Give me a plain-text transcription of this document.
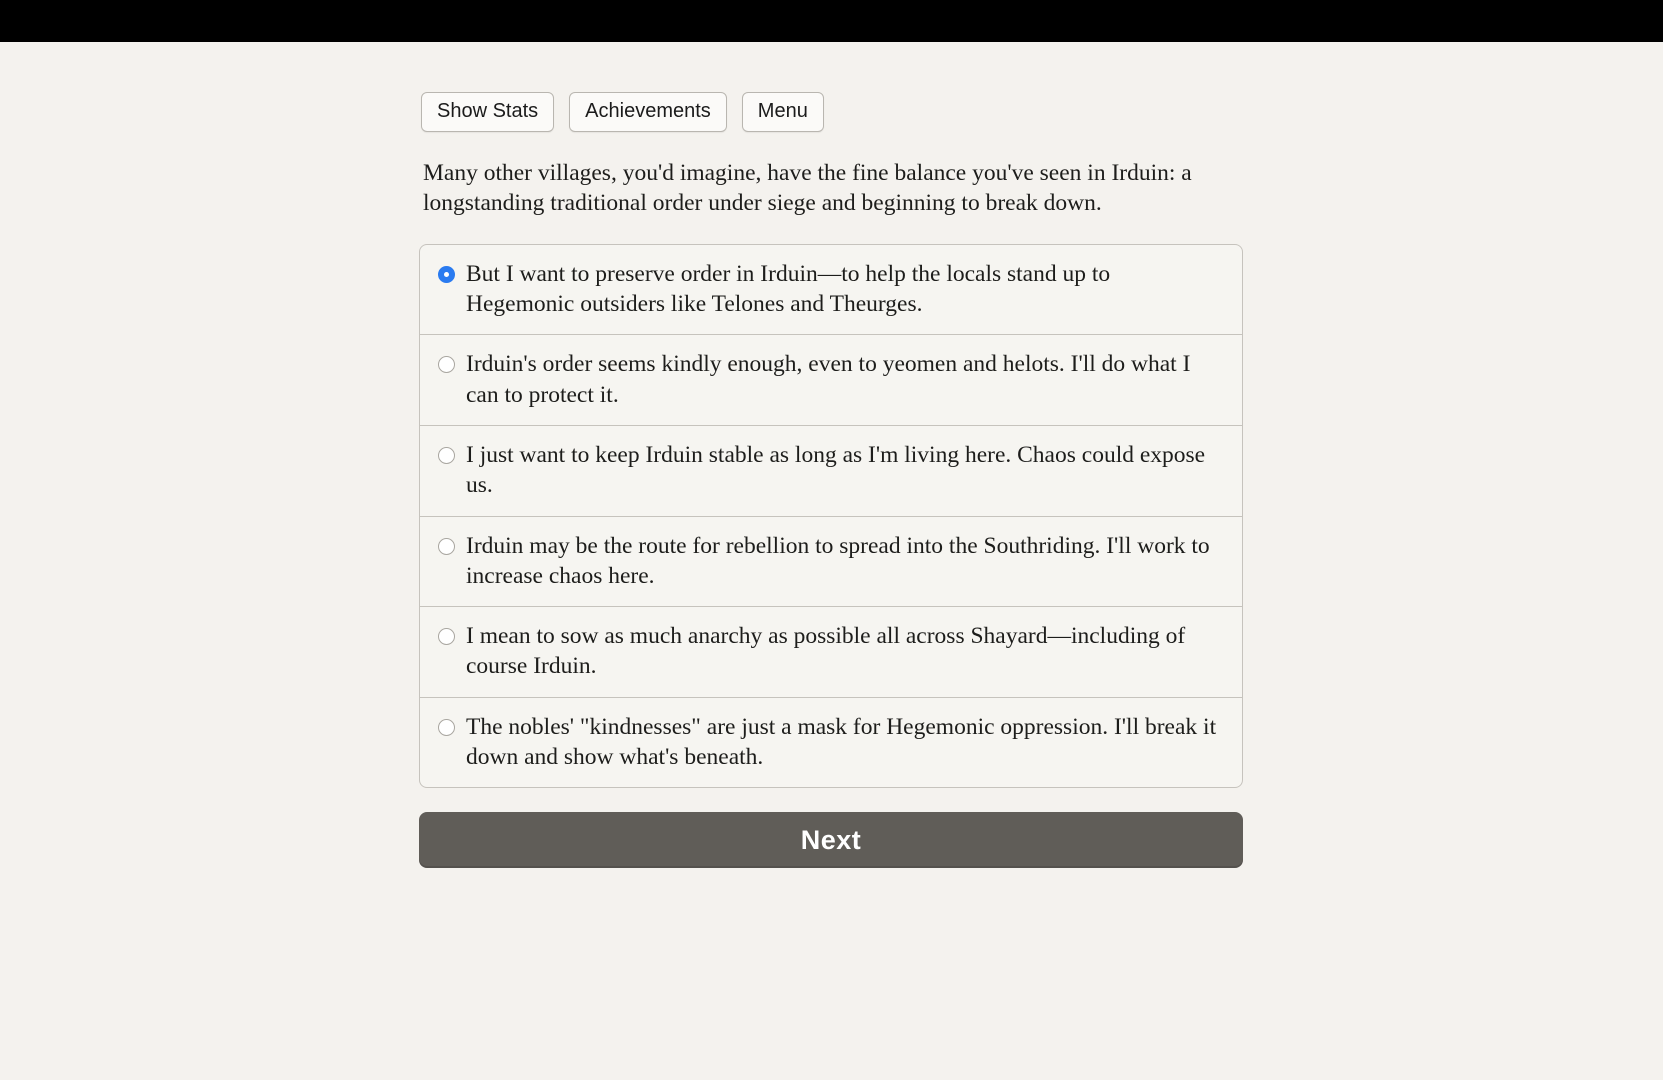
Show Stats	Achievements	Menu
Many other villages, you'd imagine, have the fine balance you've seen in Irduin: a longstanding traditional order under siege and beginning to break down.
But I want to preserve order in Irduin—to help the locals stand up to Hegemonic outsiders like Telones and Theurges.
Irduin's order seems kindly enough, even to yeomen and helots. I'll do what I can to protect it.
I just want to keep Irduin stable as long as I'm living here. Chaos could expose us.
Irduin may be the route for rebellion to spread into the Southriding. I'll work to increase chaos here.
I mean to sow as much anarchy as possible all across Shayard—including of course Irduin.
The nobles' "kindnesses" are just a mask for Hegemonic oppression. I'll break it down and show what's beneath.
Next
